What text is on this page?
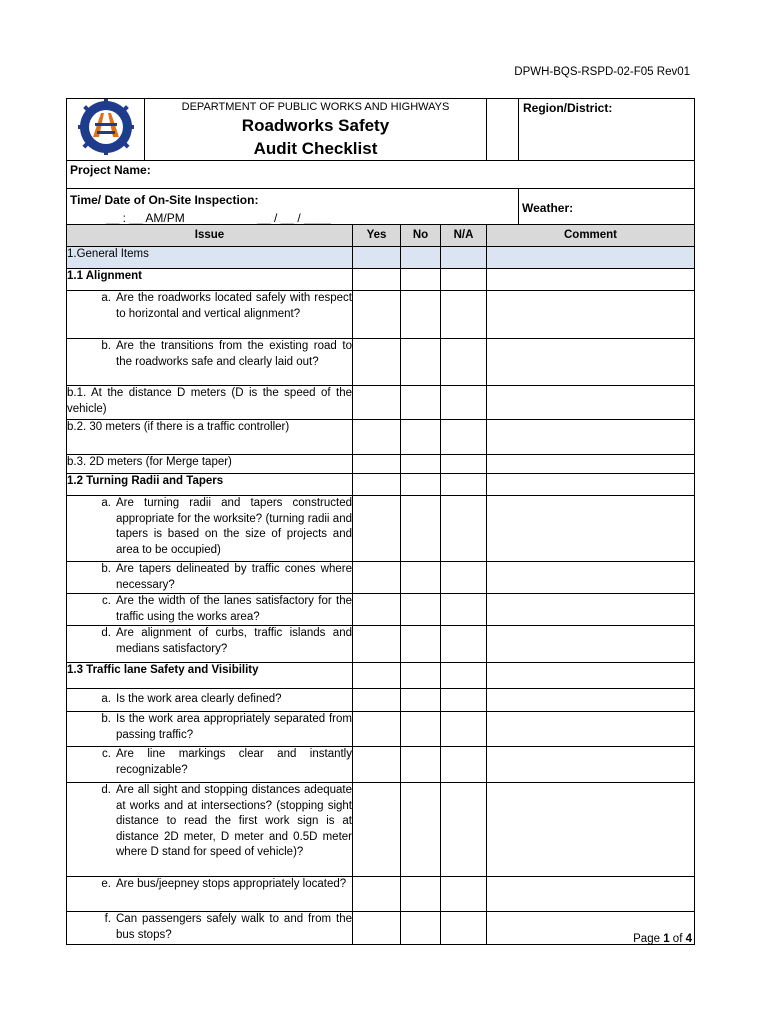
DPWH-BQS-RSPD-02-F05 Rev01

DEPARTMENT OF PUBLIC WORKS AND HIGHWAYS
Roadworks Safety
Audit Checklist		Region/District:
Project Name:			

Time/ Date of On-Site Inspection:
__ : __ AM/PM __ / __ / ____			Weather:
Issue	Yes	No	N/A	Comment
1.General Items				
1.1 Alignment				

a. Are the roadworks located safely with respect to horizontal and vertical alignment?				

b. Are the transitions from the existing road to the roadworks safe and clearly laid out?				

b.1. At the distance D meters (D is the speed of the vehicle)				
b.2. 30 meters (if there is a traffic controller)				
b.3. 2D meters (for Merge taper)				
1.2 Turning Radii and Tapers				

a. Are turning radii and tapers constructed appropriate for the worksite? (turning radii and tapers is based on the size of projects and area to be occupied)				

b. Are tapers delineated by traffic cones where necessary?				

c. Are the width of the lanes satisfactory for the traffic using the works area?				

d. Are alignment of curbs, traffic islands and medians satisfactory?				

1.3 Traffic lane Safety and Visibility				

a. Is the work area clearly defined?				

b. Is the work area appropriately separated from passing traffic?				

c. Are line markings clear and instantly recognizable?				

d. Are all sight and stopping distances adequate at works and at intersections? (stopping sight distance to read the first work sign is at distance 2D meter, D meter and 0.5D meter where D stand for speed of vehicle)?				

e. Are bus/jeepney stops appropriately located?				

f. Can passengers safely walk to and from the bus stops?				
					Page 1 of 4
